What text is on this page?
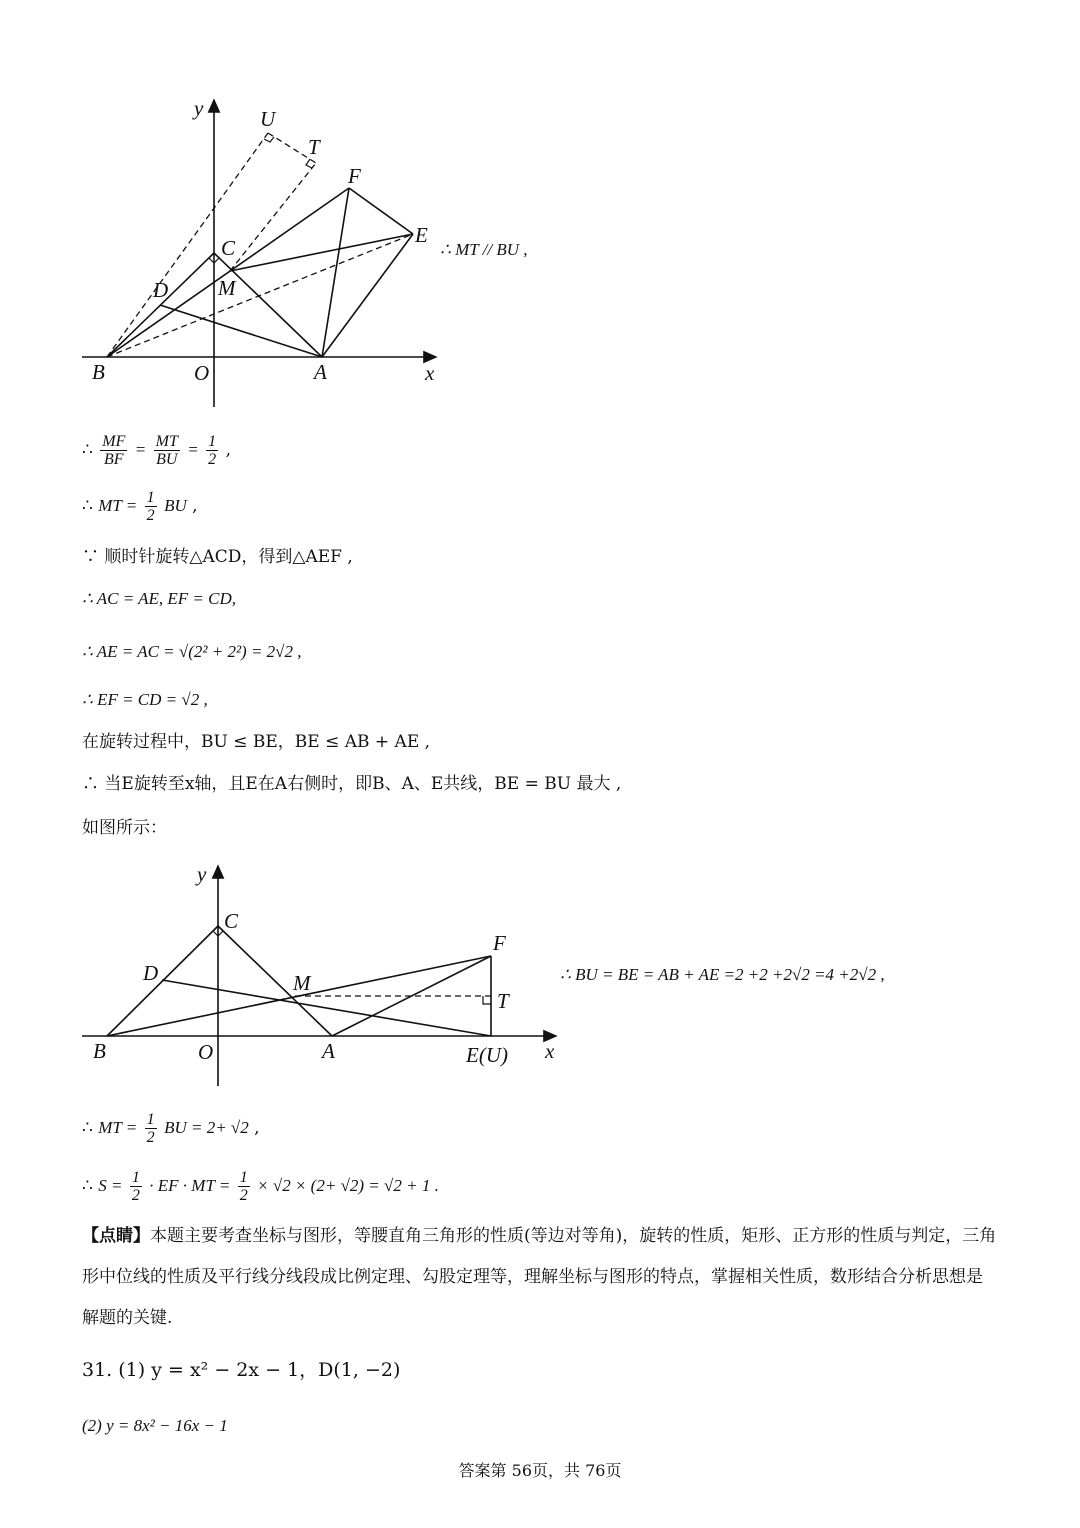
y	U
T
F
C
E
D M
B	O	A	x
∴ MT // BU ,
∴ $\frac{MF}{BF} = \frac{MT}{BU} = \frac{1}{2}$ ,
∴ MT = $\frac{1}{2}$ BU ,
∵ 顺时针旋转△ACD，得到△AEF ,
∴ AC = AE, EF = CD,
∴ AE = AC = √(2² + 2²) = 2√2 ,
∴ EF = CD = √2 ,
在旋转过程中，BU ≤ BE，BE ≤ AB + AE ,
∴ 当E旋转至x轴，且E在A右侧时，即B、A、E共线，BE = BU 最大 ,
如图所示：
y
C
F
D	M
T
B	O	A	E(U) x
∴ BU = BE = AB + AE =2 +2 +2√2 =4 +2√2 ,
∴ MT = $\frac{1}{2}$ BU = 2+ √2 ,
∴ $S = \frac{1}{2}$ · EF · MT = $\frac{1}{2} \times √2 \times (2+ √2) = √2 + 1$ .
【点睛】本题主要考查坐标与图形，等腰直角三角形的性质(等边对等角)，旋转的性质，矩形、正方形的性质与判定，三角形中位线的性质及平行线分线段成比例定理、勾股定理等，理解坐标与图形的特点，掌握相关性质，数形结合分析思想是解题的关键.
31. (1) y = x² − 2x − 1，D(1, −2)
(2) y = 8x² − 16x − 1
答案第 56页，共 76页
